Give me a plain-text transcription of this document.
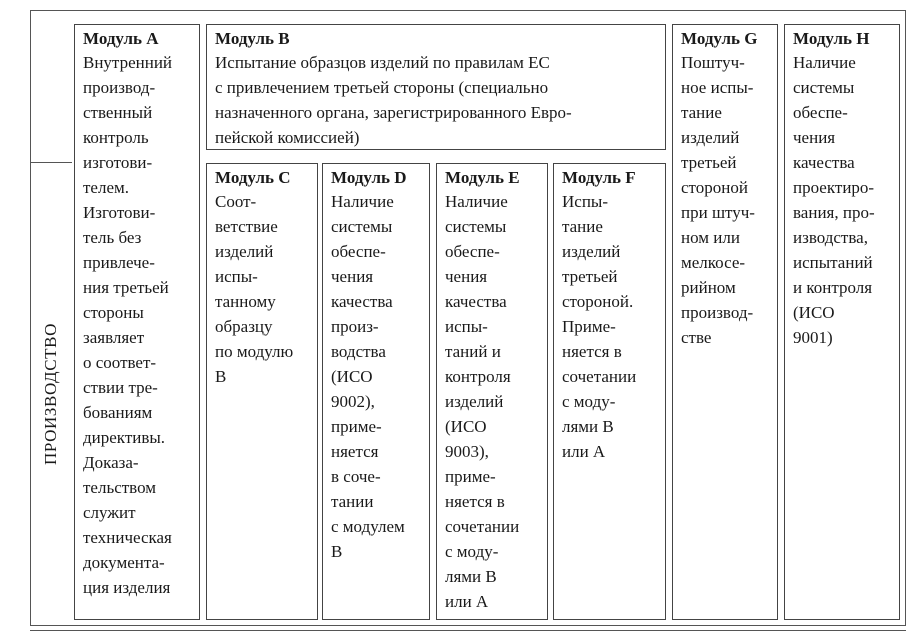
ПРОИЗВОДСТВО
Модуль А
Внутренний
производ-
ственный
контроль
изготови-
телем.
Изготови-
тель без
привлече-
ния третьей
стороны
заявляет
о соответ-
ствии тре-
бованиям
директивы.
Доказа-
тельством
служит
техническая
документа-
ция изделия
Модуль В
Испытание образцов изделий по правилам ЕС
с привлечением третьей стороны (специально
назначенного органа, зарегистрированного Евро-
пейской комиссией)
Модуль С
Соот-
ветствие
изделий
испы-
танному
образцу
по модулю
В
Модуль D
Наличие
системы
обеспе-
чения
качества
произ-
водства
(ИСО
9002),
приме-
няется
в соче-
тании
с модулем
В
Модуль Е
Наличие
системы
обеспе-
чения
качества
испы-
таний и
контроля
изделий
(ИСО
9003),
приме-
няется в
сочетании
с моду-
лями В
или А
Модуль F
Испы-
тание
изделий
третьей
стороной.
Приме-
няется в
сочетании
с моду-
лями В
или А
Модуль G
Поштуч-
ное испы-
тание
изделий
третьей
стороной
при штуч-
ном или
мелкосе-
рийном
производ-
стве
Модуль Н
Наличие
системы
обеспе-
чения
качества
проектиро-
вания, про-
изводства,
испытаний
и контроля
(ИСО
9001)
